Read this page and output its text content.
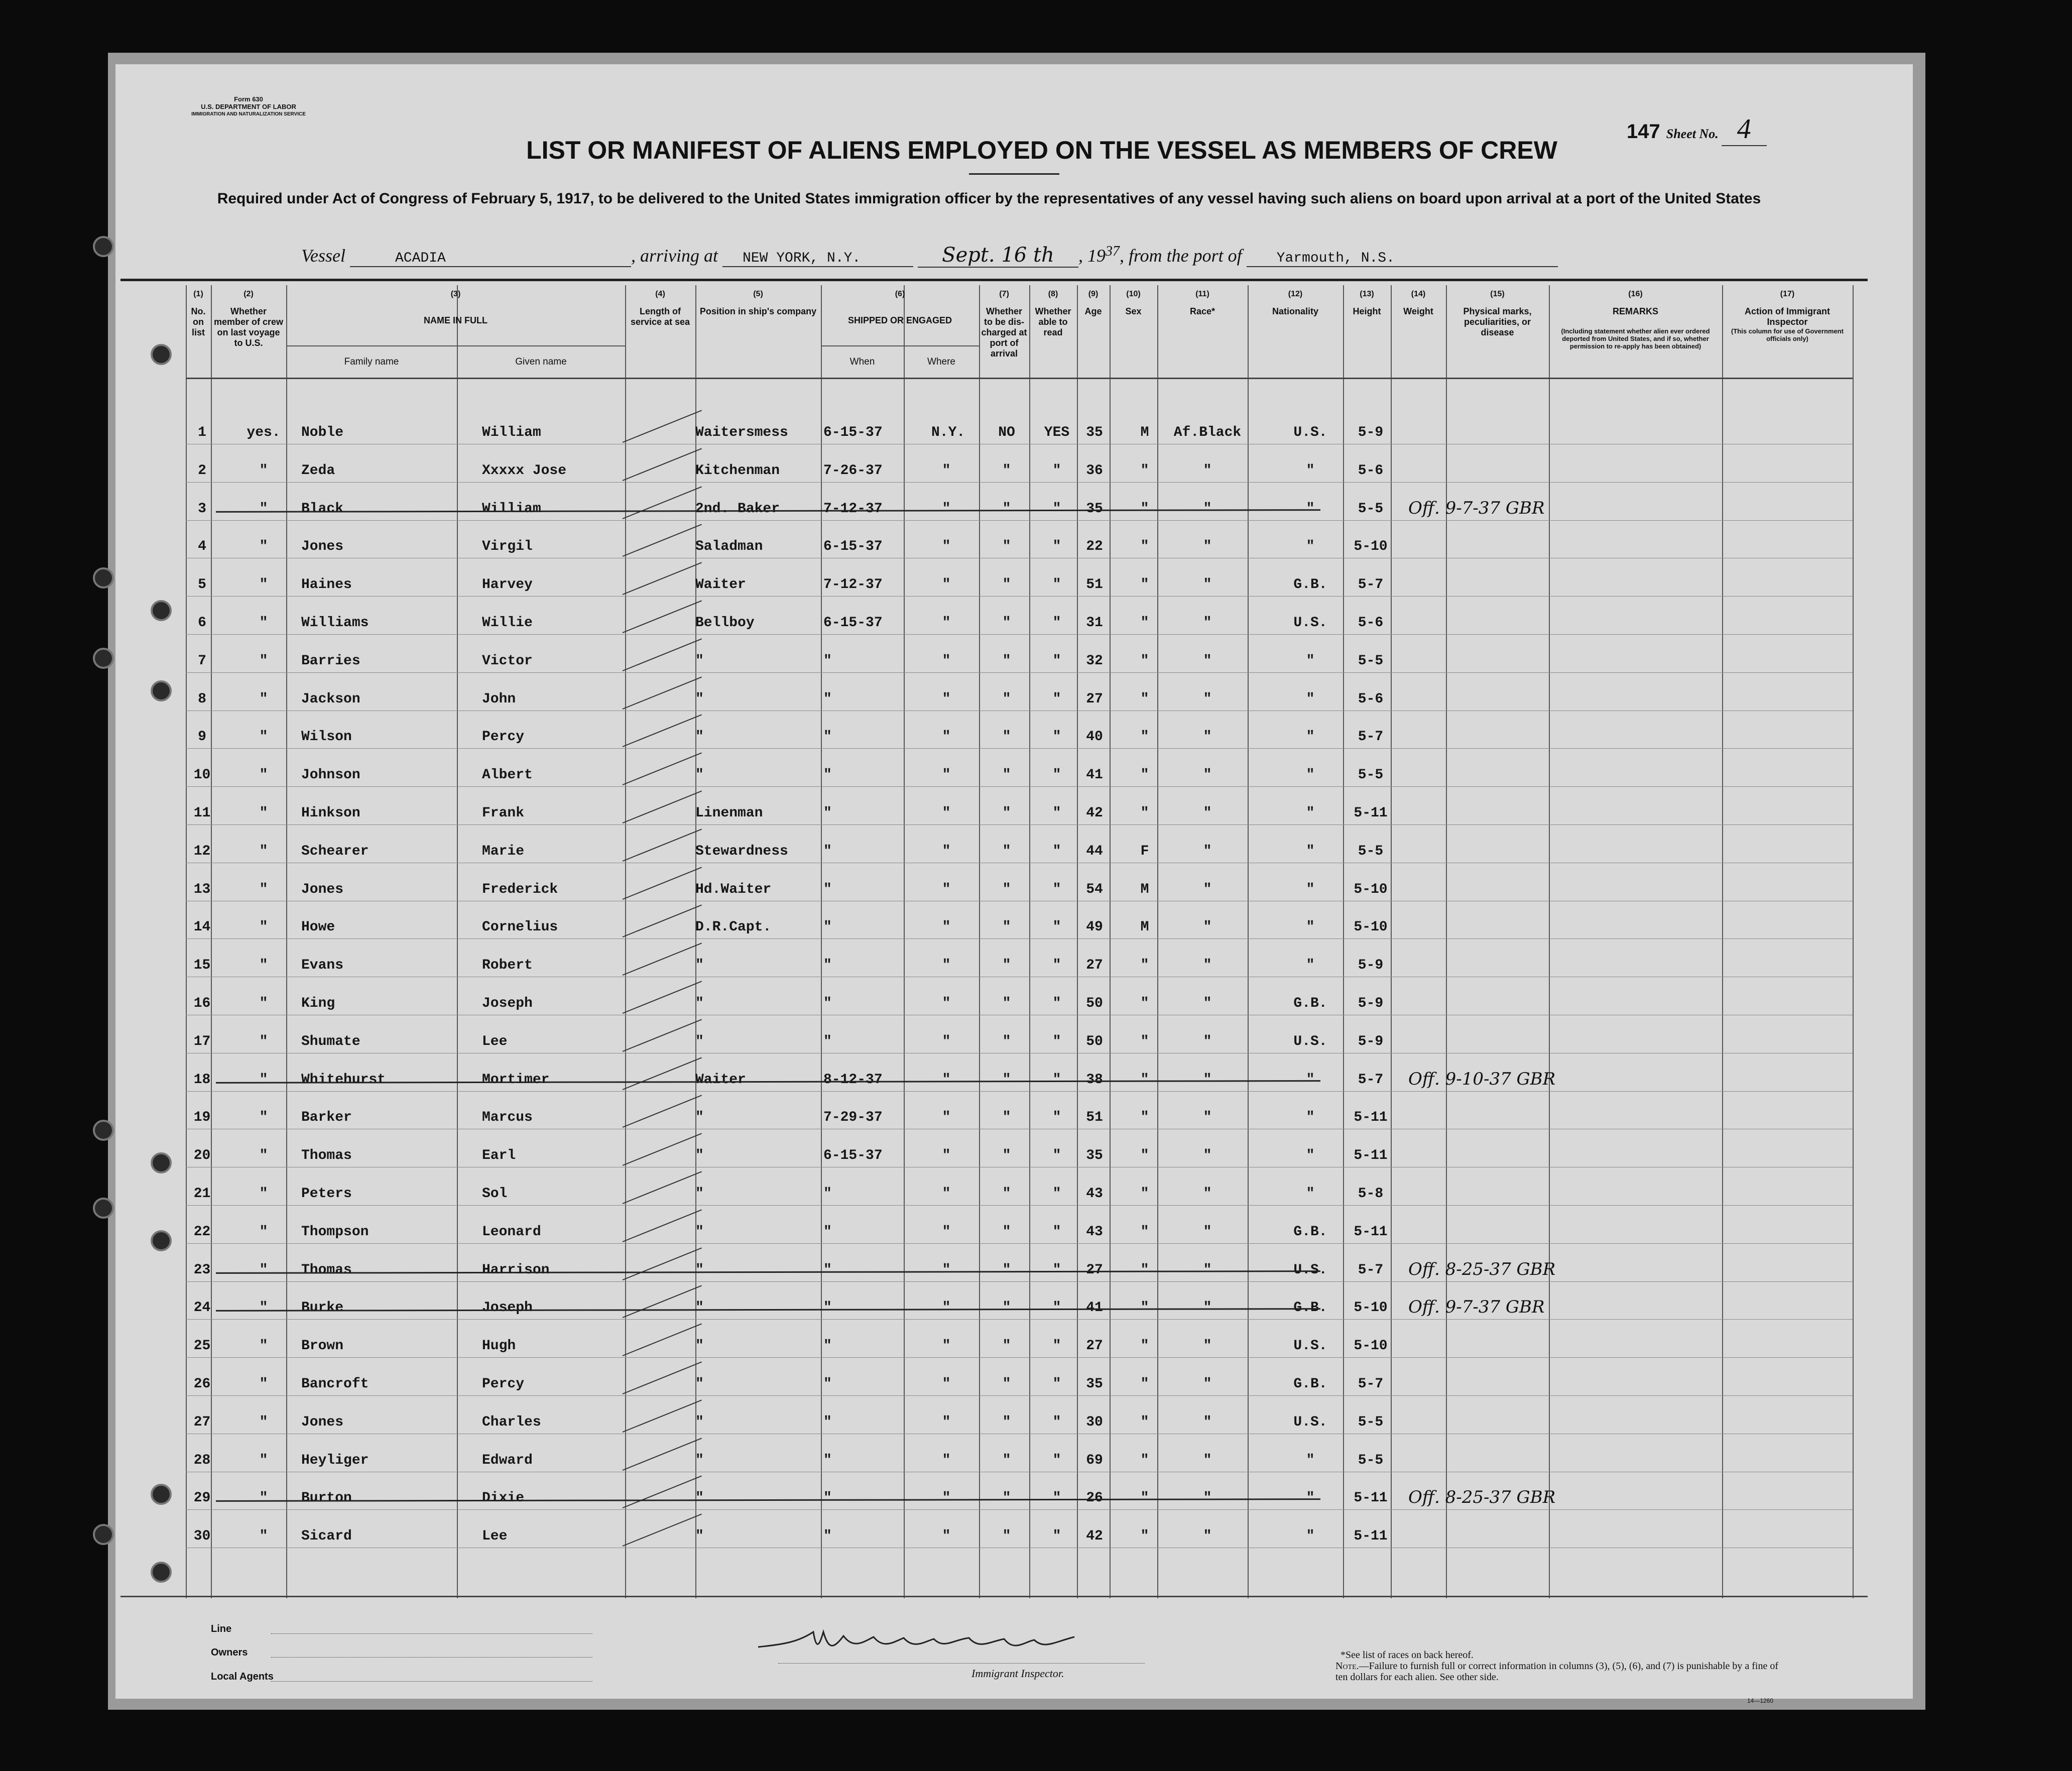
Form 630
U.S. DEPARTMENT OF LABOR
IMMIGRATION AND NATURALIZATION SERVICE
147 Sheet No. 4
LIST OR MANIFEST OF ALIENS EMPLOYED ON THE VESSEL AS MEMBERS OF CREW
Required under Act of Congress of February 5, 1917, to be delivered to the United States immigration officer by the representatives of any vessel having such aliens on board upon arrival at a port of the United States
Vessel	ACADIA	, arriving at NEW YORK, N.Y.	Sept. 16 th , $19^{37}$, from the port of Yarmouth, N.S.
(1)
No. on list
(2)
Whether member of crew on last voyage to U.S.
(3)
NAME IN FULL
Family name	Given name
(4)
Length of service at sea
(5)
Position in ship's company
(6)
SHIPPED OR ENGAGED
When	Where
(7)
Whether to be dis-charged at port of arrival
(8)
Whether able to read
(9)
Age
(10)
Sex
(11)
Race*
(12)
Nationality
(13)
Height
(14)
Weight
(15)
Physical marks, peculiarities, or disease
(16)
REMARKS
(Including statement whether alien ever ordered deported from United States, and if so, whether permission to re-apply has been obtained)
(17)
Action of Immigrant Inspector
(This column for use of Government officials only)
1	yes.	Noble	William	Waitersmess	6-15-37	N.Y.	NO	YES 35	M	Af.Black	U.S.	5-9
2	"	Zeda	Xxxxx Jose	Kitchenman	7-26-37	"	"	"	36	"	"	"	5-6
3	"	Black	William	2nd. Baker	7-12-37	"	"	"	35	"	"	"	5-5 Off. 9-7-37 GBR
4	"	Jones	Virgil	Saladman	6-15-37	"	"	"	22	"	"	"	5-10
5	"	Haines	Harvey	Waiter	7-12-37	"	"	"	51	"	"	G.B.	5-7
6	"	Williams	Willie	Bellboy	6-15-37	"	"	"	31	"	"	U.S.	5-6
7	"	Barries	Victor	"	"	"	"	"	32	"	"	"	5-5
8	"	Jackson	John	"	"	"	"	"	27	"	"	"	5-6
9	"	Wilson	Percy	"	"	"	"	"	40	"	"	"	5-7
10	"	Johnson	Albert	"	"	"	"	"	41	"	"	"	5-5
11	"	Hinkson	Frank	Linenman	"	"	"	"	42	"	"	"	5-11
12	"	Schearer	Marie	Stewardness	"	"	"	"	44	F	"	"	5-5
13	"	Jones	Frederick	Hd.Waiter	"	"	"	"	54	M	"	"	5-10
14	"	Howe	Cornelius	D.R.Capt.	"	"	"	"	49	M	"	"	5-10
15	"	Evans	Robert	"	"	"	"	"	27	"	"	"	5-9
16	"	King	Joseph	"	"	"	"	"	50	"	"	G.B.	5-9
17	"	Shumate	Lee	"	"	"	"	"	50	"	"	U.S.	5-9
18	"	Whitehurst	Mortimer	Waiter	8-12-37	"	"	"	38	"	"	"	5-7 Off. 9-10-37 GBR
19	"	Barker	Marcus	"	7-29-37	"	"	"	51	"	"	"	5-11
20	"	Thomas	Earl	"	6-15-37	"	"	"	35	"	"	"	5-11
21	"	Peters	Sol	"	"	"	"	"	43	"	"	"	5-8
22	"	Thompson	Leonard	"	"	"	"	"	43	"	"	G.B.	5-11
23	"	Thomas	Harrison	"	"	"	"	"	27	"	"	U.S.	5-7 Off. 8-25-37 GBR
24	"	Burke	Joseph	"	"	"	"	"	41	"	"	G.B.	5-10 Off. 9-7-37 GBR
25	"	Brown	Hugh	"	"	"	"	"	27	"	"	U.S.	5-10
26	"	Bancroft	Percy	"	"	"	"	"	35	"	"	G.B.	5-7
27	"	Jones	Charles	"	"	"	"	"	30	"	"	U.S.	5-5
28	"	Heyliger	Edward	"	"	"	"	"	69	"	"	"	5-5
29	"	Burton	Dixie	"	"	"	"	"	26	"	"	"	5-11 Off. 8-25-37 GBR
30	"	Sicard	Lee	"	"	"	"	"	42	"	"	"	5-11
Line
Owners
Local Agents	Immigrant Inspector.
*See list of races on back hereof.
Note.—Failure to furnish full or correct information in columns (3), (5), (6), and (7) is punishable by a fine of ten dollars for each alien. See other side.
14—1260
